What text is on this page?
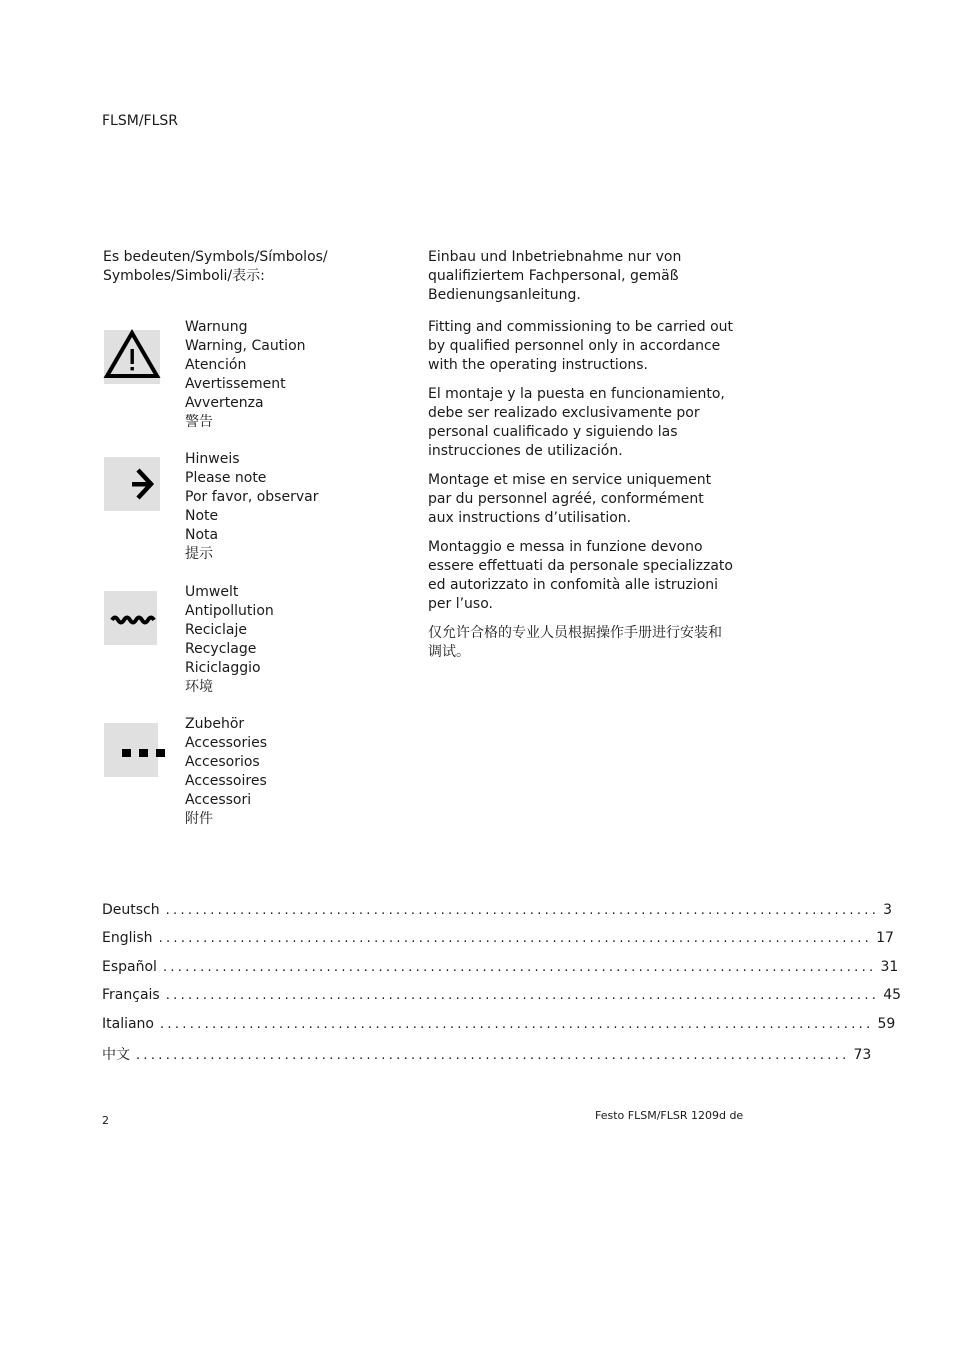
FLSM/FLSR
Es bedeuten/Symbols/Símbolos/
Symboles/Simboli/表示:
Warnung
Warning, Caution
Atención
Avertissement
Avvertenza
警告
Hinweis
Please note
Por favor, observar
Note
Nota
提示
Umwelt
Antipollution
Reciclaje
Recyclage
Riciclaggio
环境
Zubehör
Accessories
Accesorios
Accessoires
Accessori
附件

Einbau und Inbetriebnahme nur von qualifiziertem Fachpersonal, gemäß Bedienungsanleitung.

Fitting and commissioning to be carried out by qualified personnel only in accordance with the operating instructions.

El montaje y la puesta en funcionamiento, debe ser realizado exclusivamente por personal cualificado y siguiendo las instrucciones de utilización.

Montage et mise en service uniquement par du personnel agréé, conformément aux instructions d’utilisation.

Montaggio e messa in funzione devono essere effettuati da personale specializzato ed autorizzato in confomità alle istruzioni per l’uso.

仅允许合格的专业人员根据操作手册进行安装和调试。

Deutsch ................................................................................................ 3
English ................................................................................................ 17
Español ................................................................................................ 31
Français ................................................................................................ 45
Italiano ................................................................................................ 59
中文 ................................................................................................ 73
2	Festo FLSM/FLSR 1209d de
